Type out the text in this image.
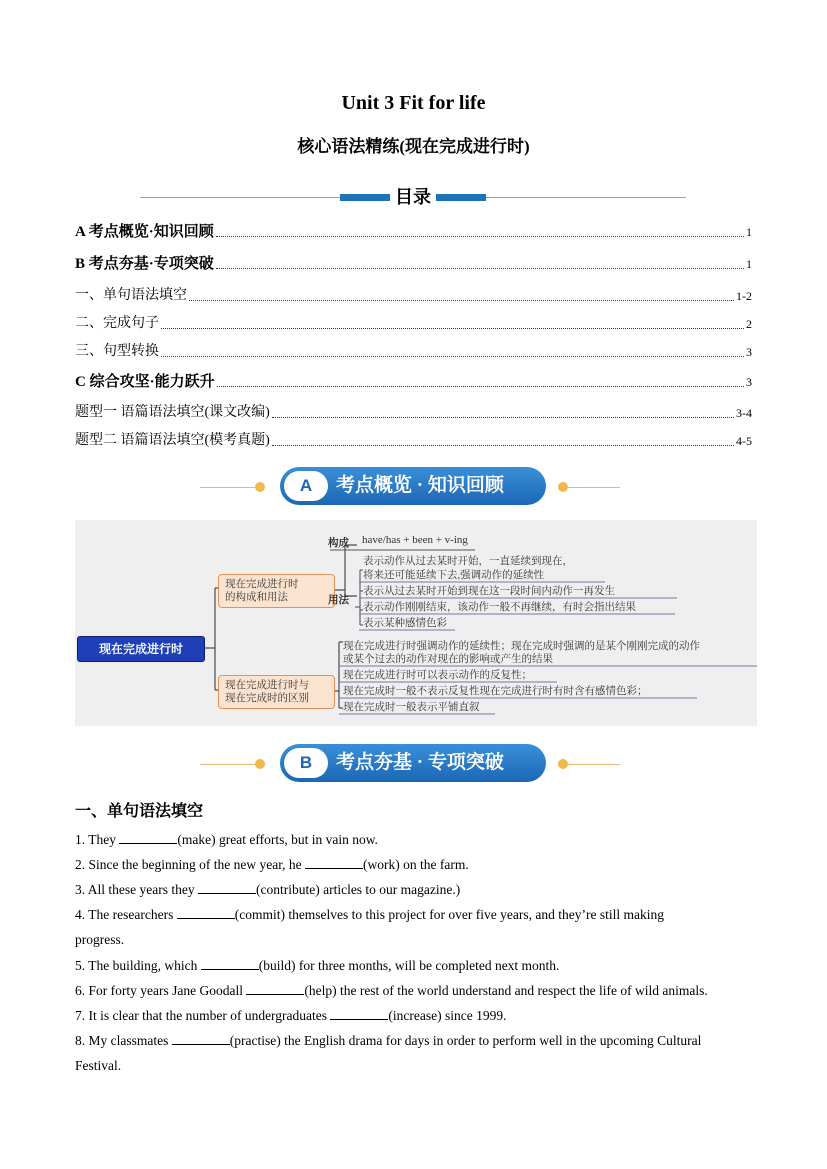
Unit 3 Fit for life
核心语法精练(现在完成进行时)
目录
A 考点概览·知识回顾	1
B 考点夯基·专项突破	1
一、单句语法填空	1-2
二、完成句子	2
三、句型转换	3
C 综合攻坚·能力跃升	3
题型一 语篇语法填空(课文改编)	3-4
题型二 语篇语法填空(模考真题)	4-5
A	考点概览 · 知识回顾
现在完成进行时
现在完成进行时
的构成和用法
现在完成进行时与
现在完成时的区别
构成 have/has + been + v-ing
用法
表示动作从过去某时开始，一直延续到现在，
将来还可能延续下去,强调动作的延续性
表示从过去某时开始到现在这一段时间内动作一再发生
表示动作刚刚结束，该动作一般不再继续，有时会指出结果
表示某种感情色彩
现在完成进行时强调动作的延续性；现在完成时强调的是某个刚刚完成的动作
或某个过去的动作对现在的影响或产生的结果
现在完成进行时可以表示动作的反复性；
现在完成时一般不表示反复性现在完成进行时有时含有感情色彩；
现在完成时一般表示平铺直叙
B	考点夯基 · 专项突破
一、单句语法填空
1. They	(make) great efforts, but in vain now.
2. Since the beginning of the new year, he	(work) on the farm.
3. All these years they	(contribute) articles to our magazine.)
4. The researchers	(commit) themselves to this project for over five years, and they’re still making
progress.
5. The building, which	(build) for three months, will be completed next month.
6. For forty years Jane Goodall	(help) the rest of the world understand and respect the life of wild animals.
7. It is clear that the number of undergraduates	(increase) since 1999.
8. My classmates	(practise) the English drama for days in order to perform well in the upcoming Cultural
Festival.
